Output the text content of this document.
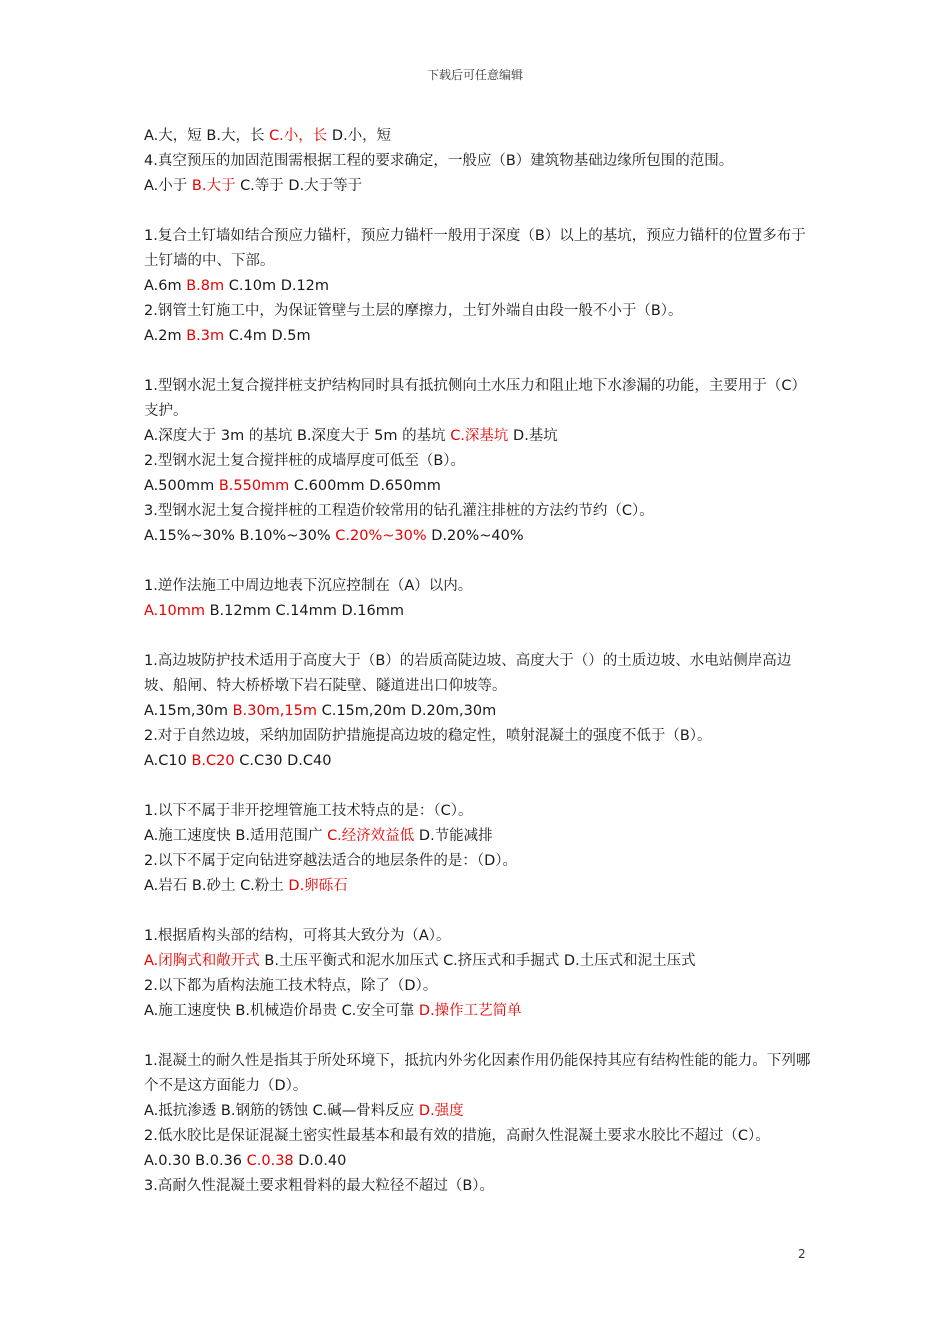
下载后可任意编辑

A.大，短 B.大，长 C.小，长 D.小，短

4.真空预压的加固范围需根据工程的要求确定，一般应（B）建筑物基础边缘所包围的范围。

A.小于 B.大于 C.等于 D.大于等于

1.复合土钉墙如结合预应力锚杆，预应力锚杆一般用于深度（B）以上的基坑，预应力锚杆的位置多布于土钉墙的中、下部。

A.6m B.8m C.10m D.12m

2.钢管土钉施工中，为保证管壁与土层的摩擦力，土钉外端自由段一般不小于（B）。

A.2m B.3m C.4m D.5m

1.型钢水泥土复合搅拌桩支护结构同时具有抵抗侧向土水压力和阻止地下水渗漏的功能，主要用于（C）支护。

A.深度大于 3m 的基坑 B.深度大于 5m 的基坑 C.深基坑 D.基坑

2.型钢水泥土复合搅拌桩的成墙厚度可低至（B）。

A.500mm B.550mm C.600mm D.650mm

3.型钢水泥土复合搅拌桩的工程造价较常用的钻孔灌注排桩的方法约节约（C）。

A.15%~30% B.10%~30% C.20%~30% D.20%~40%

1.逆作法施工中周边地表下沉应控制在（A）以内。

A.10mm B.12mm C.14mm D.16mm

1.高边坡防护技术适用于高度大于（B）的岩质高陡边坡、高度大于（）的土质边坡、水电站侧岸高边坡、船闸、特大桥桥墩下岩石陡壁、隧道进出口仰坡等。

A.15m,30m B.30m,15m C.15m,20m D.20m,30m

2.对于自然边坡，采纳加固防护措施提高边坡的稳定性，喷射混凝土的强度不低于（B）。

A.C10 B.C20 C.C30 D.C40

1.以下不属于非开挖埋管施工技术特点的是：（C）。

A.施工速度快 B.适用范围广 C.经济效益低 D.节能减排

2.以下不属于定向钻进穿越法适合的地层条件的是：（D）。

A.岩石 B.砂土 C.粉土 D.卵砾石

1.根据盾构头部的结构，可将其大致分为（A）。

A.闭胸式和敞开式 B.土压平衡式和泥水加压式 C.挤压式和手掘式 D.土压式和泥土压式

2.以下都为盾构法施工技术特点，除了（D）。

A.施工速度快 B.机械造价昂贵 C.安全可靠 D.操作工艺简单

1.混凝土的耐久性是指其于所处环境下，抵抗内外劣化因素作用仍能保持其应有结构性能的能力。下列哪个不是这方面能力（D）。

A.抵抗渗透 B.钢筋的锈蚀 C.碱—骨料反应 D.强度

2.低水胶比是保证混凝土密实性最基本和最有效的措施，高耐久性混凝土要求水胶比不超过（C）。

A.0.30 B.0.36 C.0.38 D.0.40

3.高耐久性混凝土要求粗骨料的最大粒径不超过（B）。

2
